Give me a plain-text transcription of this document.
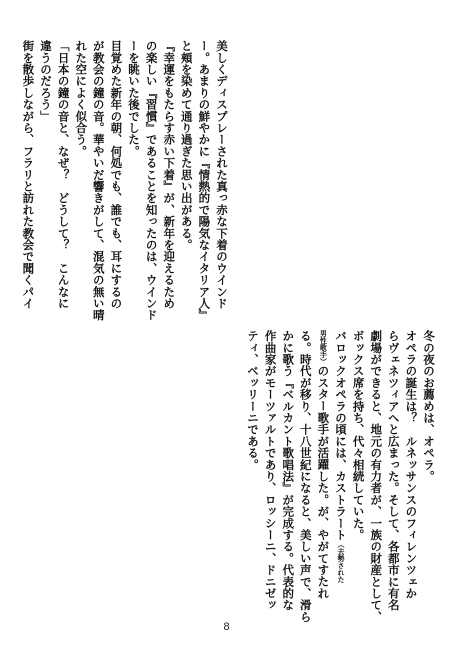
美しくディスプレーされた真っ赤な下着のウインド
ー。あまりの鮮やかに『情熱的で陽気なイタリア人』
と頬を染めて通り過ぎた思い出がある。
『幸運をもたらす赤い下着』が、新年を迎えるため
の楽しい『習慣』であることを知ったのは、ウインド
ーを眺いた後でした。
目覚めた新年の朝、何処でも、誰でも、耳にするの
が教会の鐘の音。華やいだ響きがして、混気の無い晴
れた空によく似合う。
「日本の鐘の音と、なぜ？　どうして？　こんなに
違うのだろう」
街を散歩しながら、フラリと訪れた教会で聞くパイ
冬の夜のお薦めは、オペラ。
オペラの誕生は？　ルネッサンスのフィレンツェか
らヴェネツィアへと広まった。そして、各都市に有名
劇場ができると、地元の有力者が、一族の財産として、
ボックス席を持ち、代々相続していた。
バロックオペラの頃には、カストラート（去勢された
男性歌手）のスター歌手が活躍した。が、やがてすたれ
る。時代が移り、十八世紀になると、美しい声で、滑ら
かに歌う『ベルカント歌唱法』が完成する。代表的な
作曲家がモーツァルトであり、ロッシーニ、ドニゼッ
ティ、ベッリーニである。
8
